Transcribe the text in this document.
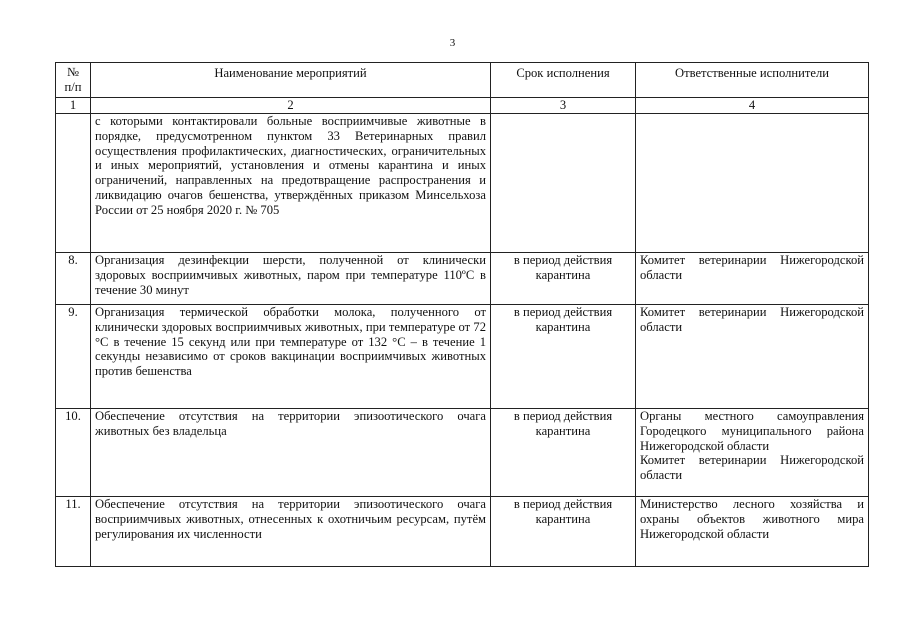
3
№
п/п	Наименование мероприятий	Срок исполнения	Ответственные исполнители
1	2	3	4
	с которыми контактировали больные восприимчивые животные в порядке, предусмотренном пунктом 33 Ветеринарных правил осуществления профилактических, диагностических, ограничительных и иных мероприятий, установления и отмены карантина и иных ограничений, направленных на предотвращение распространения и ликвидацию очагов бешенства, утверждённых приказом Минсельхоза России от 25 ноября 2020 г. № 705		
8.	Организация дезинфекции шерсти, полученной от клинически здоровых восприимчивых животных, паром при температуре 110ºС в течение 30 минут	в период действия карантина	Комитет ветеринарии Нижегородской области

9.	Организация термической обработки молока, полученного от клинически здоровых восприимчивых животных, при температуре от 72 °C в течение 15 секунд или при температуре от 132 °C – в течение 1 секунды независимо от сроков вакцинации восприимчивых животных против бешенства	в период действия карантина	Комитет ветеринарии Нижегородской области

10.	Обеспечение отсутствия на территории эпизоотического очага животных без владельца	в период действия карантина	Органы местного самоуправления Городецкого муниципального района Нижегородской области
Комитет ветеринарии Нижегородской области

11.	Обеспечение отсутствия на территории эпизоотического очага восприимчивых животных, отнесенных к охотничьим ресурсам, путём регулирования их численности	в период действия карантина	Министерство лесного хозяйства и охраны объектов животного мира Нижегородской области
